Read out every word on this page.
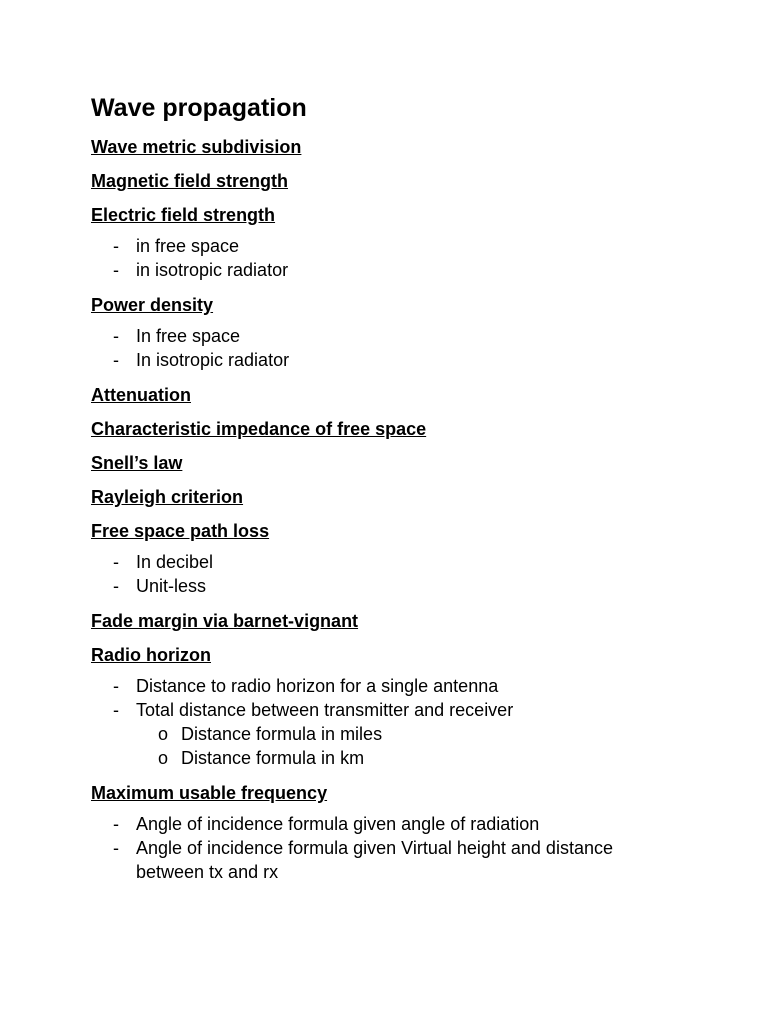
Wave propagation
Wave metric subdivision
Magnetic field strength
Electric field strength
- in free space
- in isotropic radiator
Power density
- In free space
- In isotropic radiator
Attenuation
Characteristic impedance of free space
Snell’s law
Rayleigh criterion
Free space path loss
- In decibel
- Unit-less
Fade margin via barnet-vignant
Radio horizon
- Distance to radio horizon for a single antenna
- Total distance between transmitter and receiver
o Distance formula in miles
o Distance formula in km
Maximum usable frequency
- Angle of incidence formula given angle of radiation
- Angle of incidence formula given Virtual height and distance between tx and rx
